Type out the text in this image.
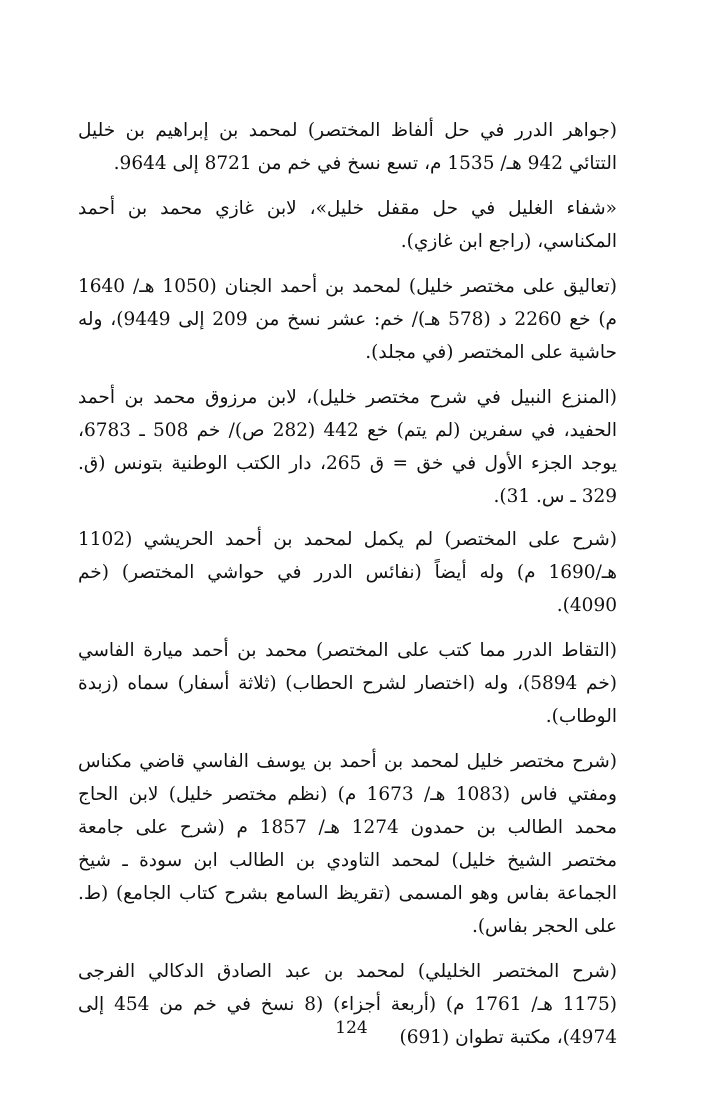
(جواهر الدرر في حل ألفاظ المختصر) لمحمد بن إبراهيم بن خليل التتائي 942 هـ/ 1535 م، تسع نسخ في خم من 8721 إلى 9644.

«شفاء الغليل في حل مقفل خليل»، لابن غازي محمد بن أحمد المكناسي، (راجع ابن غازي).

(تعاليق على مختصر خليل) لمحمد بن أحمد الجنان (1050 هـ/ 1640 م) خع 2260 د (578 هـ)/ خم: عشر نسخ من 209 إلى 9449)، وله حاشية على المختصر (في مجلد).

(المنزع النبيل في شرح مختصر خليل)، لابن مرزوق محمد بن أحمد الحفيد، في سفرين (لم يتم) خع 442 (282 ص)/ خم 508 ـ 6783، يوجد الجزء الأول في خق = ق 265، دار الكتب الوطنية بتونس (ق. 329 ـ س. 31).

(شرح على المختصر) لم يكمل لمحمد بن أحمد الحريشي (1102 هـ/1690 م) وله أيضاً (نفائس الدرر في حواشي المختصر) (خم 4090).

(التقاط الدرر مما كتب على المختصر) محمد بن أحمد ميارة الفاسي (خم 5894)، وله (اختصار لشرح الحطاب) (ثلاثة أسفار) سماه (زبدة الوطاب).

(شرح مختصر خليل لمحمد بن أحمد بن يوسف الفاسي قاضي مكناس ومفتي فاس (1083 هـ/ 1673 م) (نظم مختصر خليل) لابن الحاج محمد الطالب بن حمدون 1274 هـ/ 1857 م (شرح على جامعة مختصر الشيخ خليل) لمحمد التاودي بن الطالب ابن سودة ـ شيخ الجماعة بفاس وهو المسمى (تقريظ السامع بشرح كتاب الجامع) (ط. على الحجر بفاس).

(شرح المختصر الخليلي) لمحمد بن عبد الصادق الدكالي الفرجى (1175 هـ/ 1761 م) (أربعة أجزاء) (8 نسخ في خم من 454 إلى 4974)، مكتبة تطوان (691)

124
